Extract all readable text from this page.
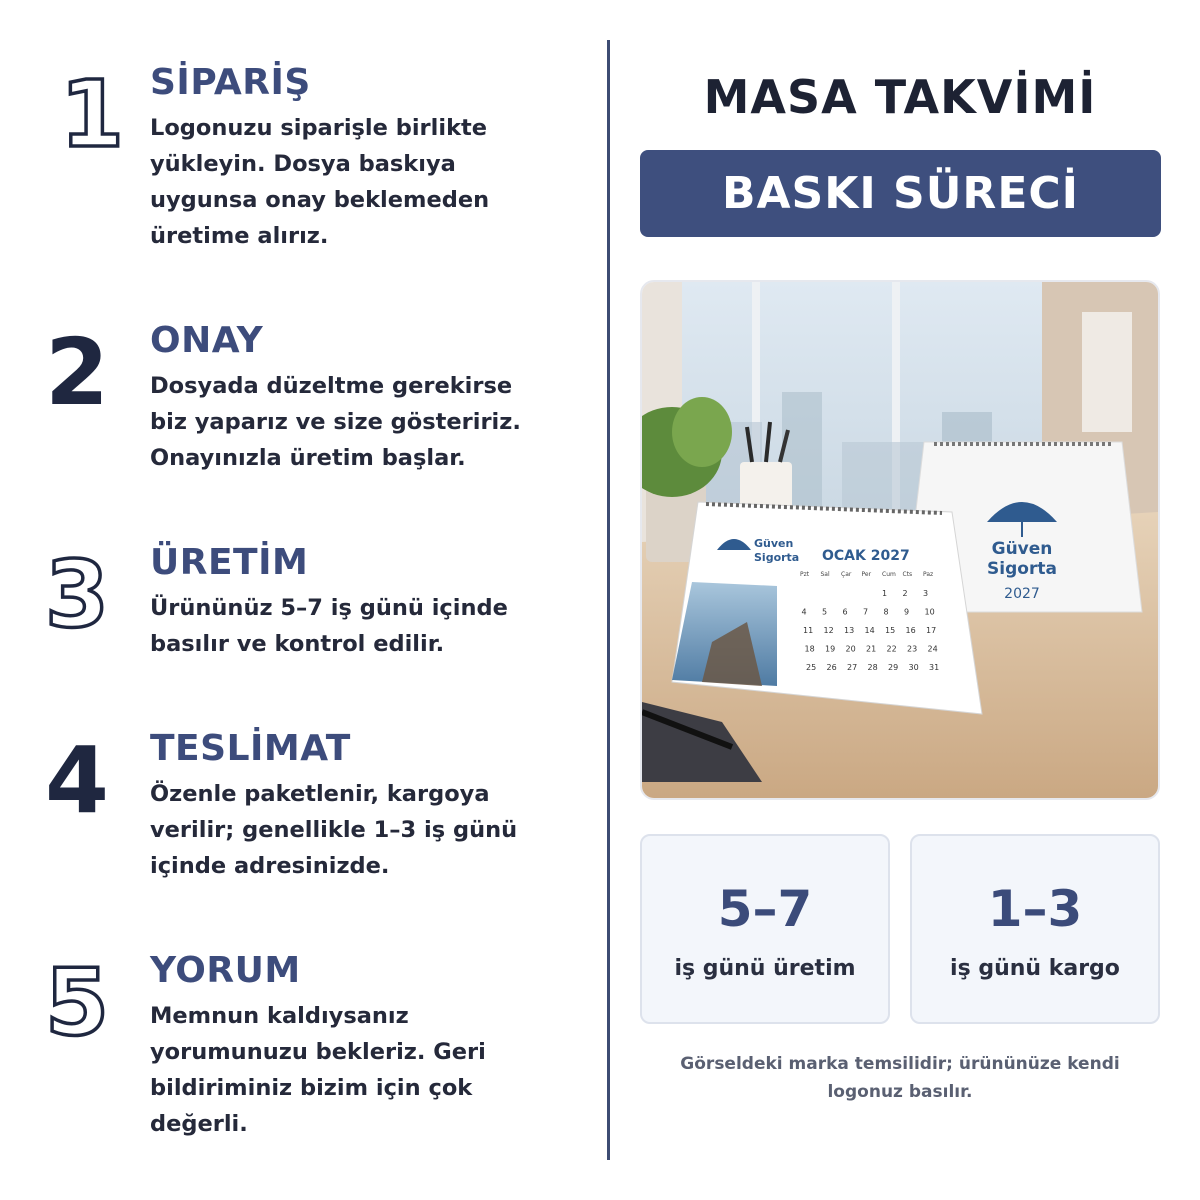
1 SİPARİŞ
Logonuzu siparişle birlikte
yükleyin. Dosya baskıya
uygunsa onay beklemeden
üretime alırız.
2 ONAY
Dosyada düzeltme gerekirse
biz yaparız ve size gösteririz.
Onayınızla üretim başlar.
3 ÜRETİM
Ürününüz 5–7 iş günü içinde
basılır ve kontrol edilir.
4 TESLİMAT
Özenle paketlenir, kargoya
verilir; genellikle 1–3 iş günü
içinde adresinizde.
5 YORUM
Memnun kaldıysanız
yorumunuzu bekleriz. Geri
bildiriminiz bizim için çok
değerli.
MASA TAKVİMİ
BASKI SÜRECİ
Güven
Sigorta
2027
Güven
Sigorta OCAK 2027
Pzt Sal Çar Per Cum Cts Paz
1 2 3
4 5 6 7 8 9 10
11 12 13 14 15 16 17
18 19 20 21 22 23 24
25 26 27 28 29 30 31
5–7
iş günü üretim
1–3
iş günü kargo
Görseldeki marka temsilidir; ürününüze kendi
logonuz basılır.
